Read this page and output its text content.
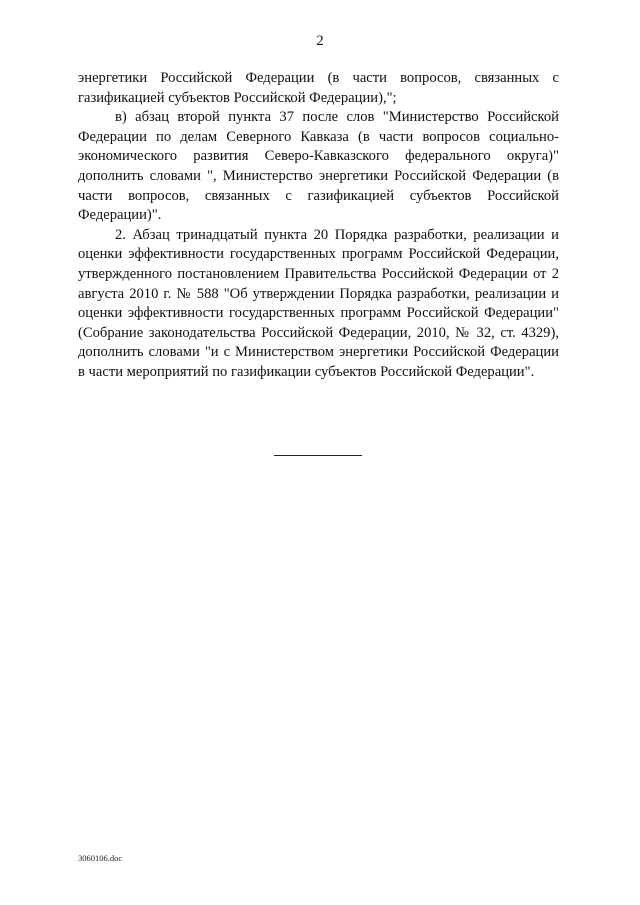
2

энергетики Российской Федерации (в части вопросов, связанных с газификацией субъектов Российской Федерации),";

в) абзац второй пункта 37 после слов "Министерство Российской Федерации по делам Северного Кавказа (в части вопросов социально-экономического развития Северо-Кавказского федерального округа)" дополнить словами ", Министерство энергетики Российской Федерации (в части вопросов, связанных с газификацией субъектов Российской Федерации)".

2. Абзац тринадцатый пункта 20 Порядка разработки, реализации и оценки эффективности государственных программ Российской Федерации, утвержденного постановлением Правительства Российской Федерации от 2 августа 2010 г. № 588 "Об утверждении Порядка разработки, реализации и оценки эффективности государственных программ Российской Федерации" (Собрание законодательства Российской Федерации, 2010, № 32, ст. 4329), дополнить словами "и с Министерством энергетики Российской Федерации в части мероприятий по газификации субъектов Российской Федерации".

3060106.doc
